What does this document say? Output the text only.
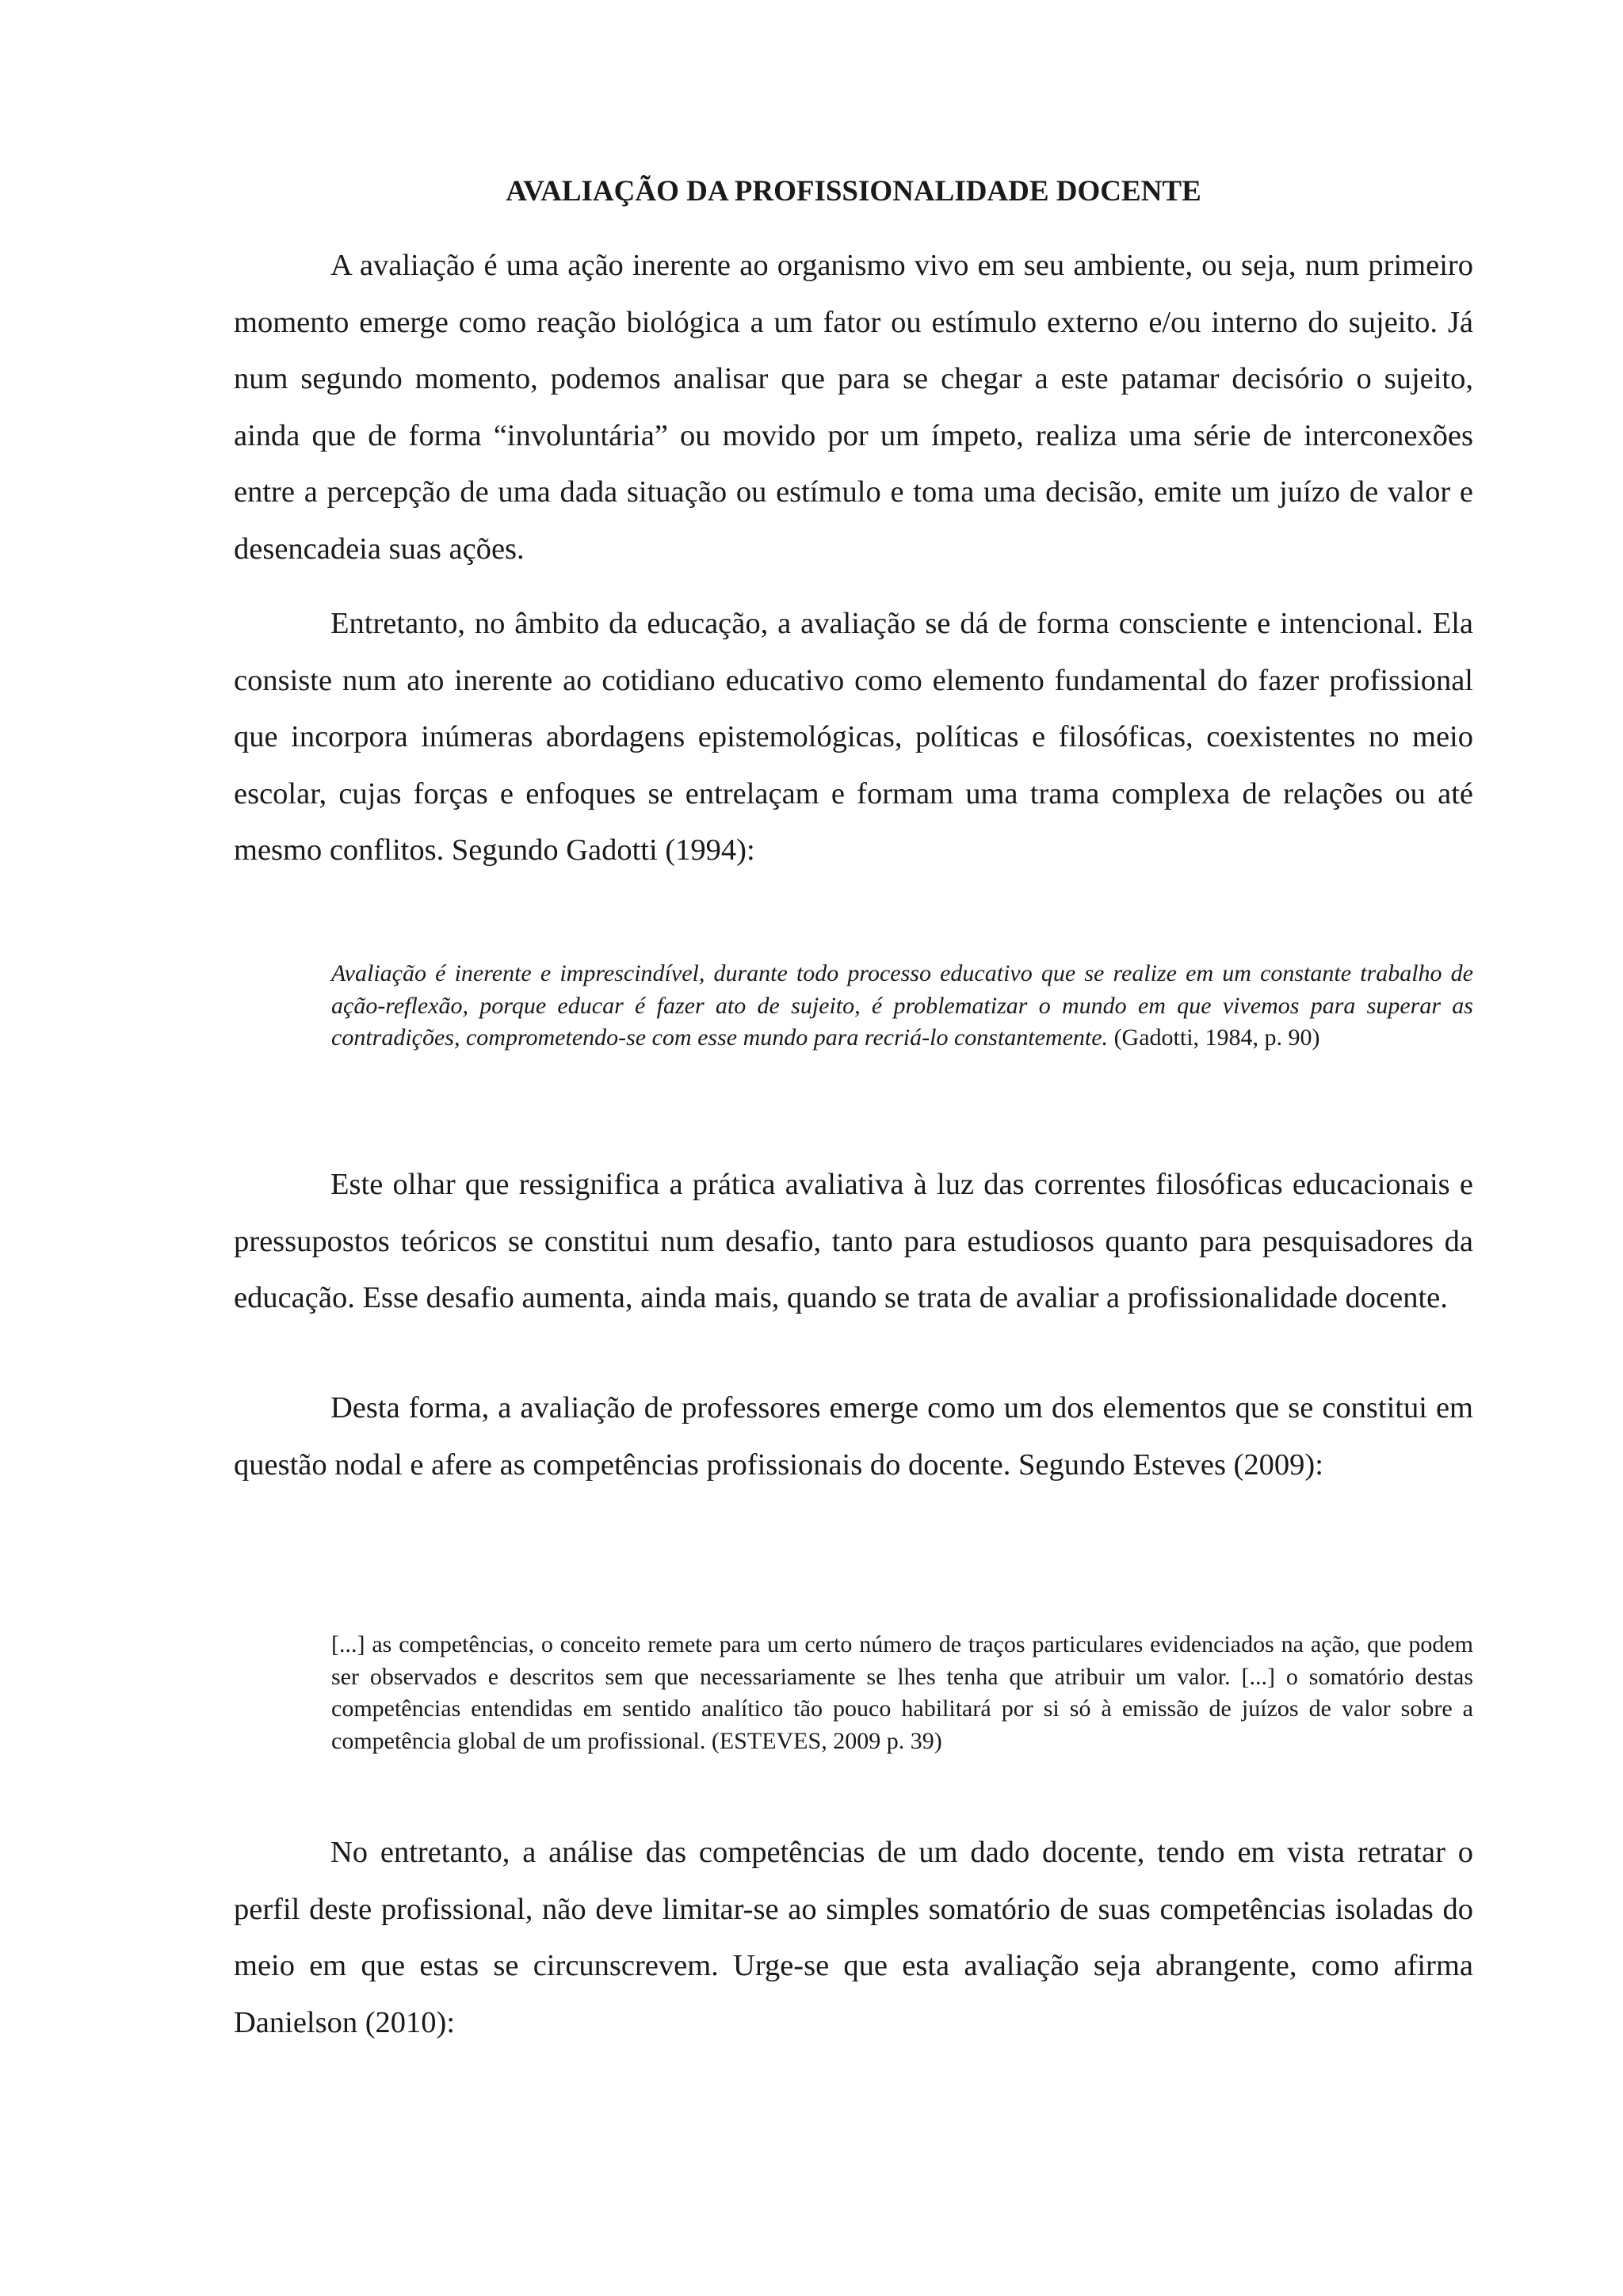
AVALIAÇÃO DA PROFISSIONALIDADE DOCENTE

A avaliação é uma ação inerente ao organismo vivo em seu ambiente, ou seja, num primeiro momento emerge como reação biológica a um fator ou estímulo externo e/ou interno do sujeito. Já num segundo momento, podemos analisar que para se chegar a este patamar decisório o sujeito, ainda que de forma “involuntária” ou movido por um ímpeto, realiza uma série de interconexões entre a percepção de uma dada situação ou estímulo e toma uma decisão, emite um juízo de valor e desencadeia suas ações.

Entretanto, no âmbito da educação, a avaliação se dá de forma consciente e intencional. Ela consiste num ato inerente ao cotidiano educativo como elemento fundamental do fazer profissional que incorpora inúmeras abordagens epistemológicas, políticas e filosóficas, coexistentes no meio escolar, cujas forças e enfoques se entrelaçam e formam uma trama complexa de relações ou até mesmo conflitos. Segundo Gadotti (1994):

Avaliação é inerente e imprescindível, durante todo processo educativo que se realize em um constante trabalho de ação-reflexão, porque educar é fazer ato de sujeito, é problematizar o mundo em que vivemos para superar as contradições, comprometendo-se com esse mundo para recriá-lo constantemente. (Gadotti, 1984, p. 90)

Este olhar que ressignifica a prática avaliativa à luz das correntes filosóficas educacionais e pressupostos teóricos se constitui num desafio, tanto para estudiosos quanto para pesquisadores da educação. Esse desafio aumenta, ainda mais, quando se trata de avaliar a profissionalidade docente.

Desta forma, a avaliação de professores emerge como um dos elementos que se constitui em questão nodal e afere as competências profissionais do docente. Segundo Esteves (2009):

[...] as competências, o conceito remete para um certo número de traços particulares evidenciados na ação, que podem ser observados e descritos sem que necessariamente se lhes tenha que atribuir um valor. [...] o somatório destas competências entendidas em sentido analítico tão pouco habilitará por si só à emissão de juízos de valor sobre a competência global de um profissional. (ESTEVES, 2009 p. 39)

No entretanto, a análise das competências de um dado docente, tendo em vista retratar o perfil deste profissional, não deve limitar-se ao simples somatório de suas competências isoladas do meio em que estas se circunscrevem. Urge-se que esta avaliação seja abrangente, como afirma Danielson (2010):
